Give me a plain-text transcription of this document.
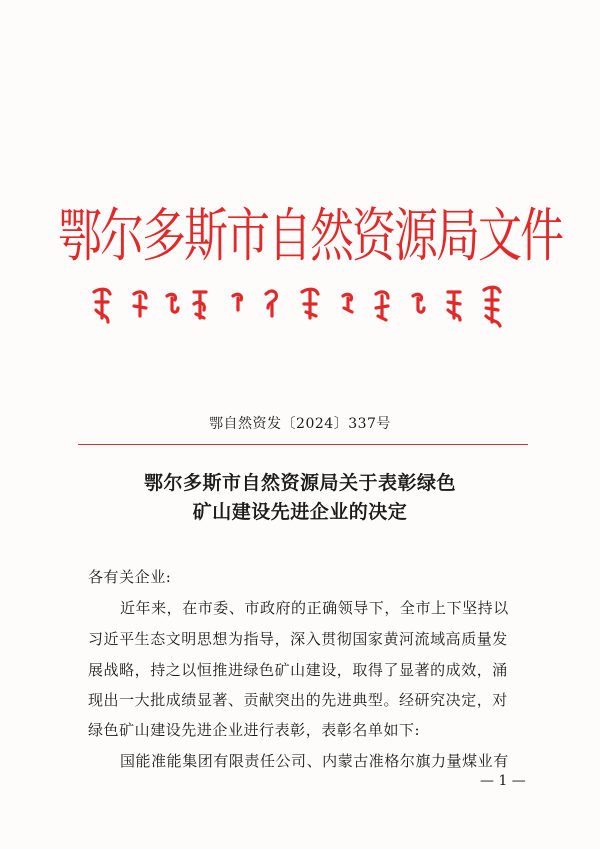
鄂尔多斯市自然资源局文件
鄂自然资发〔2024〕337号
鄂尔多斯市自然资源局关于表彰绿色
矿山建设先进企业的决定
各有关企业:
近年来，在市委、市政府的正确领导下，全市上下坚持以
习近平生态文明思想为指导，深入贯彻国家黄河流域高质量发
展战略，持之以恒推进绿色矿山建设，取得了显著的成效，涌
现出一大批成绩显著、贡献突出的先进典型。经研究决定，对
绿色矿山建设先进企业进行表彰，表彰名单如下:
国能准能集团有限责任公司、内蒙古准格尔旗力量煤业有
— 1 —
